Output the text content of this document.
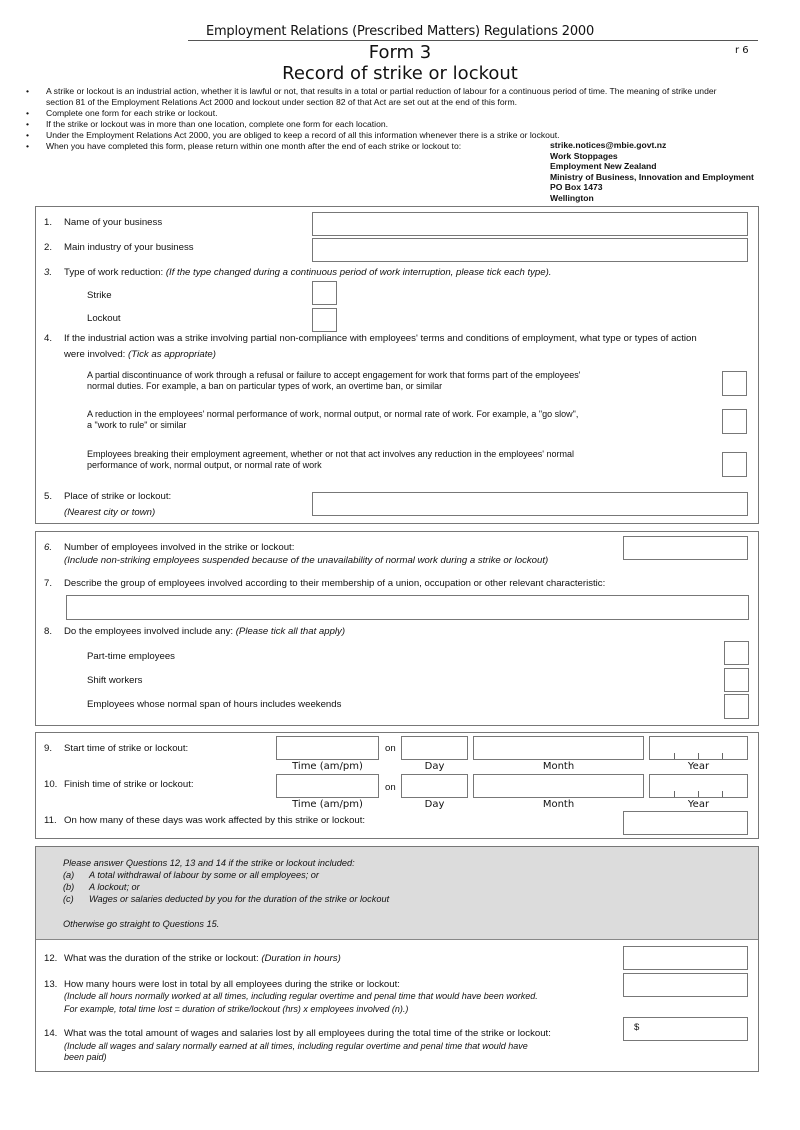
Employment Relations (Prescribed Matters) Regulations 2000
Form 3	r 6
Record of strike or lockout
• A strike or lockout is an industrial action, whether it is lawful or not, that results in a total or partial reduction of labour for a continuous period of time. The meaning of strike under section 81 of the Employment Relations Act 2000 and lockout under section 82 of that Act are set out at the end of this form.
• Complete one form for each strike or lockout.
• If the strike or lockout was in more than one location, complete one form for each location.
• Under the Employment Relations Act 2000, you are obliged to keep a record of all this information whenever there is a strike or lockout.
• When you have completed this form, please return within one month after the end of each strike or lockout to:	strike.notices@mbie.govt.nz
Work Stoppages
Employment New Zealand
Ministry of Business, Innovation and Employment
PO Box 1473
Wellington
1. Name of your business
2. Main industry of your business
3. Type of work reduction: (If the type changed during a continuous period of work interruption, please tick each type).
Strike
Lockout
4. If the industrial action was a strike involving partial non-compliance with employees' terms and conditions of employment, what type or types of action
were involved: (Tick as appropriate)
A partial discontinuance of work through a refusal or failure to accept engagement for work that forms part of the employees'
normal duties. For example, a ban on particular types of work, an overtime ban, or similar
A reduction in the employees' normal performance of work, normal output, or normal rate of work. For example, a "go slow",
a "work to rule" or similar
Employees breaking their employment agreement, whether or not that act involves any reduction in the employees' normal
performance of work, normal output, or normal rate of work
5. Place of strike or lockout:
(Nearest city or town)
6. Number of employees involved in the strike or lockout:
(Include non-striking employees suspended because of the unavailability of normal work during a strike or lockout)
7. Describe the group of employees involved according to their membership of a union, occupation or other relevant characteristic:
8. Do the employees involved include any: (Please tick all that apply)
Part-time employees
Shift workers
Employees whose normal span of hours includes weekends
9. Start time of strike or lockout:	on
Time (am/pm)	Day	Month	Year
10. Finish time of strike or lockout:	on
Time (am/pm)	Day	Month	Year
11. On how many of these days was work affected by this strike or lockout:
Please answer Questions 12, 13 and 14 if the strike or lockout included:
(a) A total withdrawal of labour by some or all employees; or
(b) A lockout; or
(c) Wages or salaries deducted by you for the duration of the strike or lockout
Otherwise go straight to Questions 15.
12. What was the duration of the strike or lockout: (Duration in hours)
13. How many hours were lost in total by all employees during the strike or lockout:
(Include all hours normally worked at all times, including regular overtime and penal time that would have been worked.
For example, total time lost = duration of strike/lockout (hrs) x employees involved (n).)
14. What was the total amount of wages and salaries lost by all employees during the total time of the strike or lockout:
(Include all wages and salary normally earned at all times, including regular overtime and penal time that would have
been paid)
$
